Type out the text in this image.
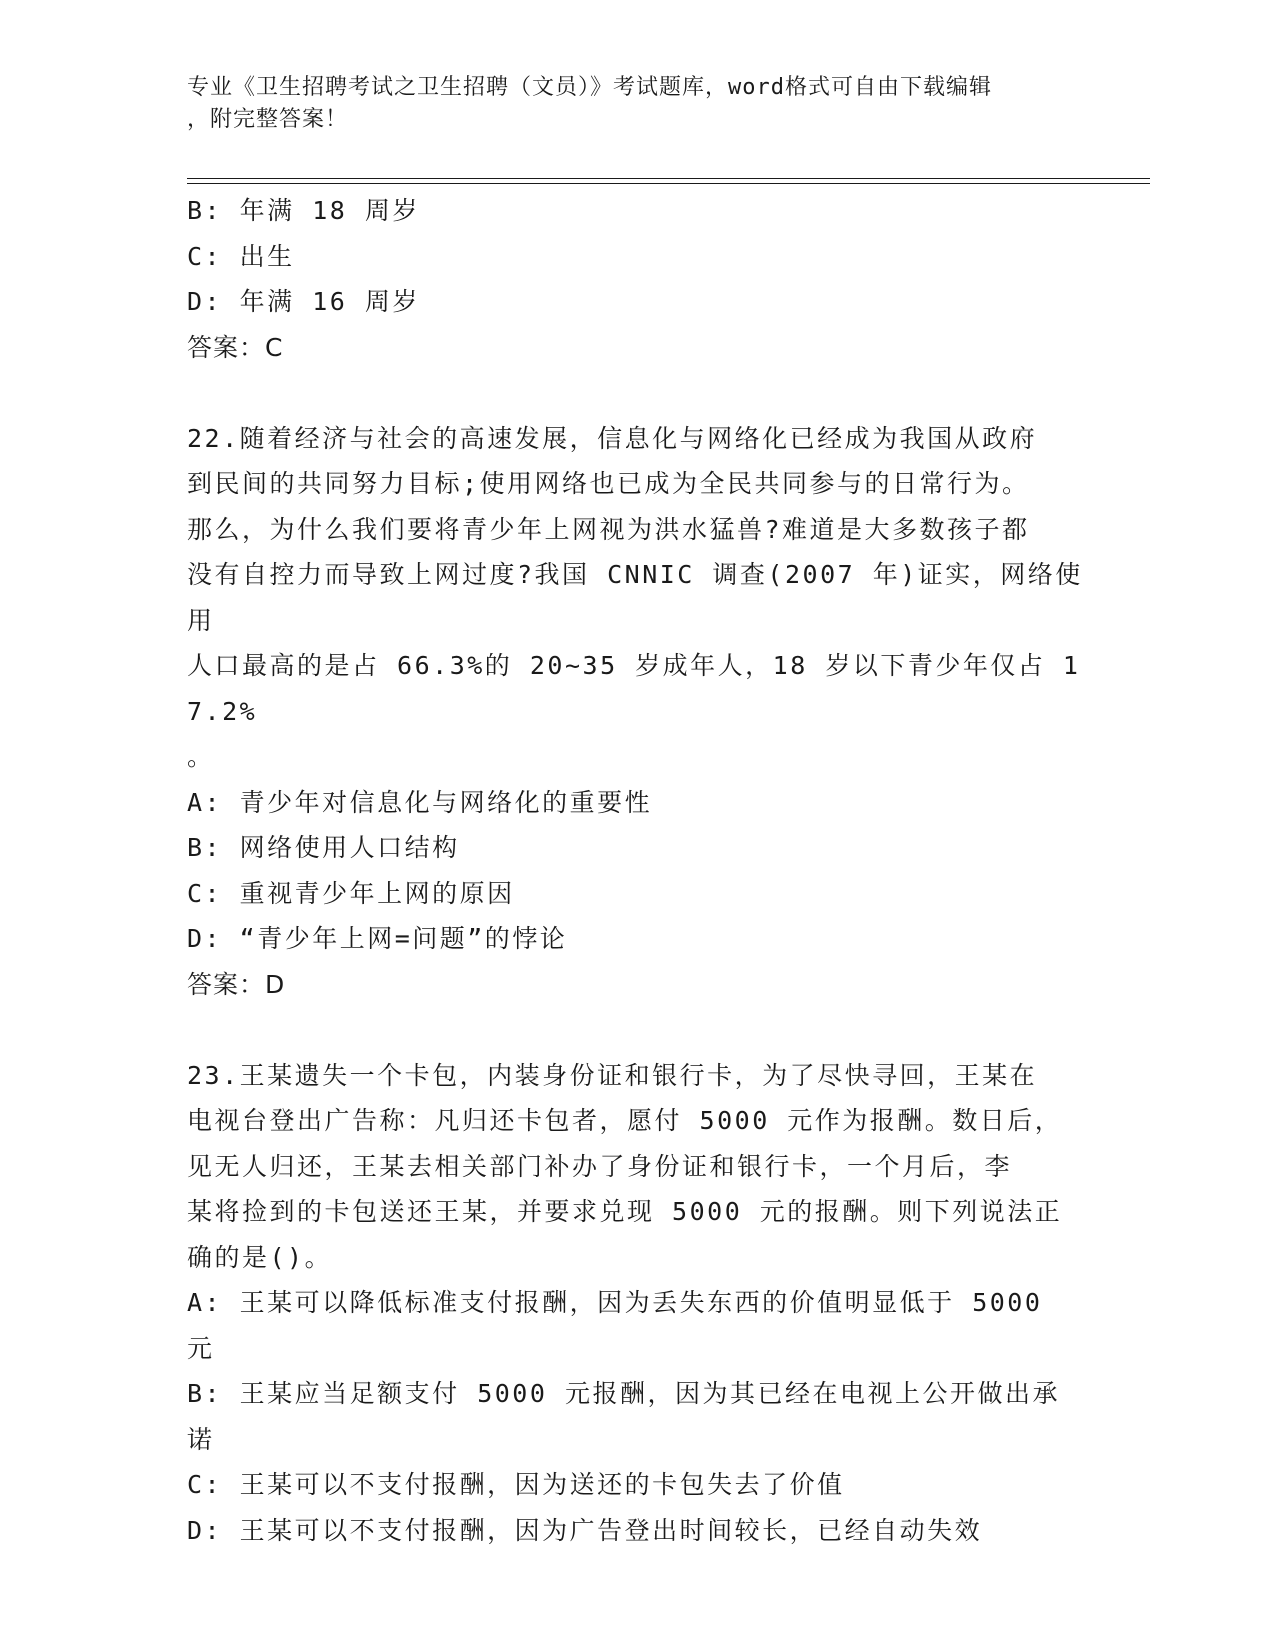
专业《卫生招聘考试之卫生招聘（文员）》考试题库，word格式可自由下载编辑
，附完整答案！

B: 年满 18 周岁

C: 出生

D: 年满 16 周岁

答案：C

22.随着经济与社会的高速发展，信息化与网络化已经成为我国从政府

到民间的共同努力目标;使用网络也已成为全民共同参与的日常行为。

那么，为什么我们要将青少年上网视为洪水猛兽?难道是大多数孩子都

没有自控力而导致上网过度?我国 CNNIC 调查(2007 年)证实，网络使用

人口最高的是占 66.3%的 20~35 岁成年人，18 岁以下青少年仅占 17.2%

。

A: 青少年对信息化与网络化的重要性

B: 网络使用人口结构

C: 重视青少年上网的原因

D: “青少年上网=问题”的悖论

答案：D

23.王某遗失一个卡包，内装身份证和银行卡，为了尽快寻回，王某在

电视台登出广告称：凡归还卡包者，愿付 5000 元作为报酬。数日后，

见无人归还，王某去相关部门补办了身份证和银行卡，一个月后，李

某将捡到的卡包送还王某，并要求兑现 5000 元的报酬。则下列说法正

确的是()。

A: 王某可以降低标准支付报酬，因为丢失东西的价值明显低于 5000

元

B: 王某应当足额支付 5000 元报酬，因为其已经在电视上公开做出承

诺

C: 王某可以不支付报酬，因为送还的卡包失去了价值

D: 王某可以不支付报酬，因为广告登出时间较长，已经自动失效
